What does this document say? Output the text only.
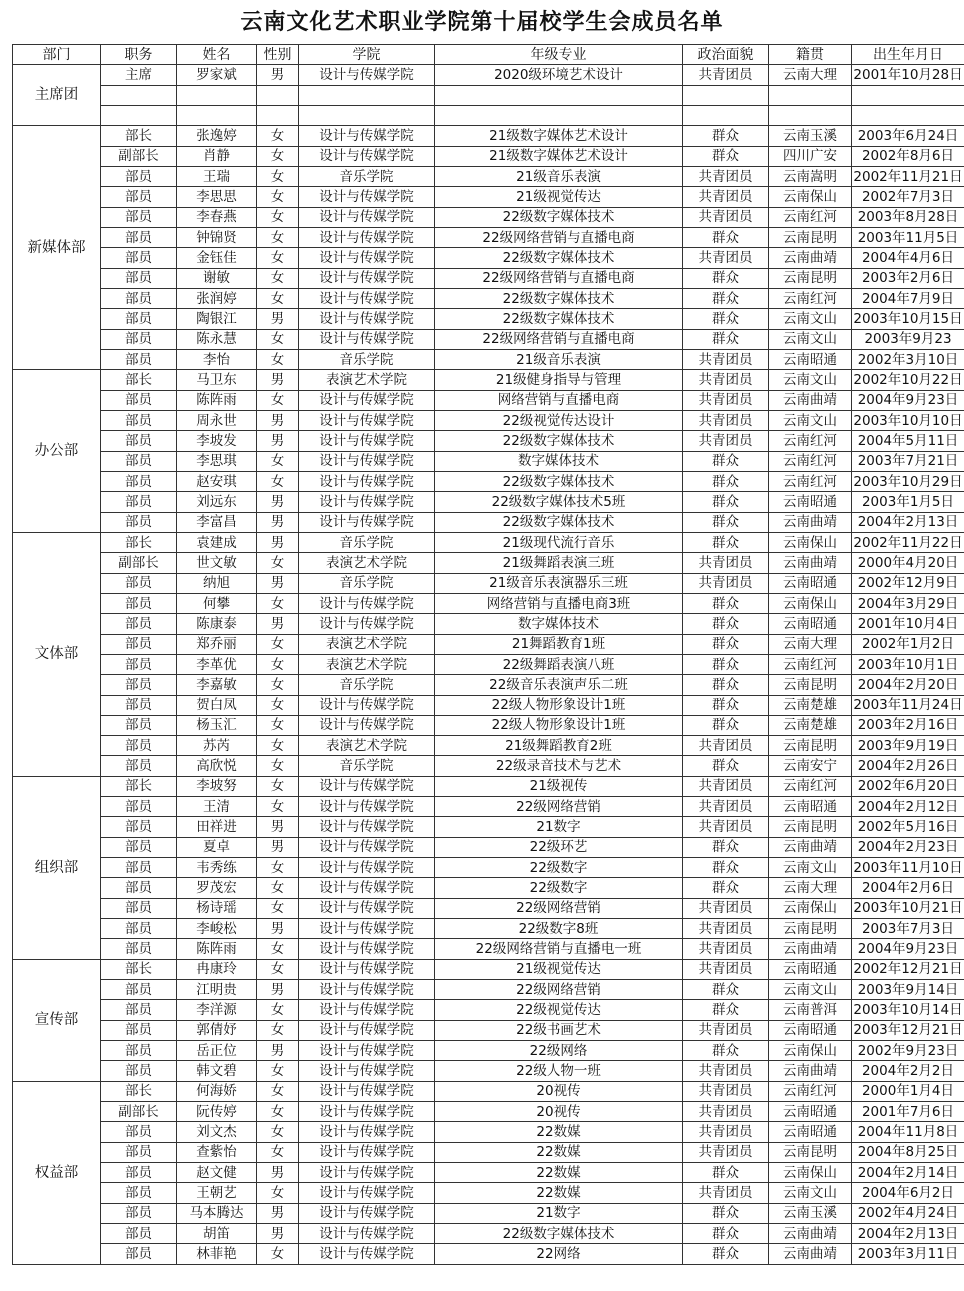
云南文化艺术职业学院第十届校学生会成员名单
部门	职务	姓名	性别	学院	年级专业	政治面貌	籍贯	出生年月日
主席团	主席	罗家斌	男	设计与传媒学院	2020级环境艺术设计	共青团员	云南大理	2001年10月28日

新媒体部	部长	张逸婷	女	设计与传媒学院	21级数字媒体艺术设计	群众	云南玉溪	2003年6月24日
	副部长	肖静	女	设计与传媒学院	21级数字媒体艺术设计	群众	四川广安	2002年8月6日
	部员	王瑞	女	音乐学院	21级音乐表演	共青团员	云南嵩明	2002年11月21日
	部员	李思思	女	设计与传媒学院	21级视觉传达	共青团员	云南保山	2002年7月3日
	部员	李春燕	女	设计与传媒学院	22级数字媒体技术	共青团员	云南红河	2003年8月28日
	部员	钟锦贤	女	设计与传媒学院	22级网络营销与直播电商	群众	云南昆明	2003年11月5日
	部员	金钰佳	女	设计与传媒学院	22级数字媒体技术	共青团员	云南曲靖	2004年4月6日
	部员	谢敏	女	设计与传媒学院	22级网络营销与直播电商	群众	云南昆明	2003年2月6日
	部员	张润婷	女	设计与传媒学院	22级数字媒体技术	群众	云南红河	2004年7月9日
	部员	陶银江	男	设计与传媒学院	22级数字媒体技术	群众	云南文山	2003年10月15日
	部员	陈永慧	女	设计与传媒学院	22级网络营销与直播电商	群众	云南文山	2003年9月23
	部员	李怡	女	音乐学院	21级音乐表演	共青团员	云南昭通	2002年3月10日
办公部	部长	马卫东	男	表演艺术学院	21级健身指导与管理	共青团员	云南文山	2002年10月22日
	部员	陈阵雨	女	设计与传媒学院	网络营销与直播电商	共青团员	云南曲靖	2004年9月23日
	部员	周永世	男	设计与传媒学院	22级视觉传达设计	共青团员	云南文山	2003年10月10日
	部员	李坡发	男	设计与传媒学院	22级数字媒体技术	共青团员	云南红河	2004年5月11日
	部员	李思琪	女	设计与传媒学院	数字媒体技术	群众	云南红河	2003年7月21日
	部员	赵安琪	女	设计与传媒学院	22级数字媒体技术	群众	云南红河	2003年10月29日
	部员	刘远东	男	设计与传媒学院	22级数字媒体技术5班	群众	云南昭通	2003年1月5日
	部员	李富昌	男	设计与传媒学院	22级数字媒体技术	群众	云南曲靖	2004年2月13日
文体部	部长	袁建成	男	音乐学院	21级现代流行音乐	群众	云南保山	2002年11月22日
	副部长	世文敏	女	表演艺术学院	21级舞蹈表演三班	共青团员	云南曲靖	2000年4月20日
	部员	纳旭	男	音乐学院	21级音乐表演器乐三班	共青团员	云南昭通	2002年12月9日
	部员	何攀	女	设计与传媒学院	网络营销与直播电商3班	群众	云南保山	2004年3月29日
	部员	陈康泰	男	设计与传媒学院	数字媒体技术	群众	云南昭通	2001年10月4日
	部员	郑乔丽	女	表演艺术学院	21舞蹈教育1班	群众	云南大理	2002年1月2日
	部员	李革优	女	表演艺术学院	22级舞蹈表演八班	群众	云南红河	2003年10月1日
	部员	李嘉敏	女	音乐学院	22级音乐表演声乐二班	群众	云南昆明	2004年2月20日
	部员	贺白凤	女	设计与传媒学院	22级人物形象设计1班	群众	云南楚雄	2003年11月24日
	部员	杨玉汇	女	设计与传媒学院	22级人物形象设计1班	群众	云南楚雄	2003年2月16日
	部员	苏芮	女	表演艺术学院	21级舞蹈教育2班	共青团员	云南昆明	2003年9月19日
	部员	高欣悦	女	音乐学院	22级录音技术与艺术	群众	云南安宁	2004年2月26日
组织部	部长	李坡努	女	设计与传媒学院	21级视传	共青团员	云南红河	2002年6月20日
	部员	王清	女	设计与传媒学院	22级网络营销	共青团员	云南昭通	2004年2月12日
	部员	田祥进	男	设计与传媒学院	21数字	共青团员	云南昆明	2002年5月16日
	部员	夏卓	男	设计与传媒学院	22级环艺	群众	云南曲靖	2004年2月23日
	部员	韦秀练	女	设计与传媒学院	22级数字	群众	云南文山	2003年11月10日
	部员	罗茂宏	女	设计与传媒学院	22级数字	群众	云南大理	2004年2月6日
	部员	杨诗瑶	女	设计与传媒学院	22级网络营销	共青团员	云南保山	2003年10月21日
	部员	李峻松	男	设计与传媒学院	22级数字8班	共青团员	云南昆明	2003年7月3日
	部员	陈阵雨	女	设计与传媒学院	22级网络营销与直播电一班	共青团员	云南曲靖	2004年9月23日
宣传部	部长	冉康玲	女	设计与传媒学院	21级视觉传达	共青团员	云南昭通	2002年12月21日
	部员	江明贵	男	设计与传媒学院	22级网络营销	群众	云南文山	2003年9月14日
	部员	李洋源	女	设计与传媒学院	22级视觉传达	群众	云南普洱	2003年10月14日
	部员	郭倩妤	女	设计与传媒学院	22级书画艺术	共青团员	云南昭通	2003年12月21日
	部员	岳正位	男	设计与传媒学院	22级网络	群众	云南保山	2002年9月23日
	部员	韩文碧	女	设计与传媒学院	22级人物一班	共青团员	云南曲靖	2004年2月2日
权益部	部长	何海娇	女	设计与传媒学院	20视传	共青团员	云南红河	2000年1月4日
	副部长	阮传婷	女	设计与传媒学院	20视传	共青团员	云南昭通	2001年7月6日
	部员	刘文杰	女	设计与传媒学院	22数媒	共青团员	云南昭通	2004年11月8日
	部员	查紫怡	女	设计与传媒学院	22数媒	共青团员	云南昆明	2004年8月25日
	部员	赵文健	男	设计与传媒学院	22数媒	群众	云南保山	2004年2月14日
	部员	王朝艺	女	设计与传媒学院	22数媒	共青团员	云南文山	2004年6月2日
	部员	马本腾达	男	设计与传媒学院	21数字	群众	云南玉溪	2002年4月24日
	部员	胡笛	男	设计与传媒学院	22级数字媒体技术	群众	云南曲靖	2004年2月13日
	部员	林菲艳	女	设计与传媒学院	22网络	群众	云南曲靖	2003年3月11日
